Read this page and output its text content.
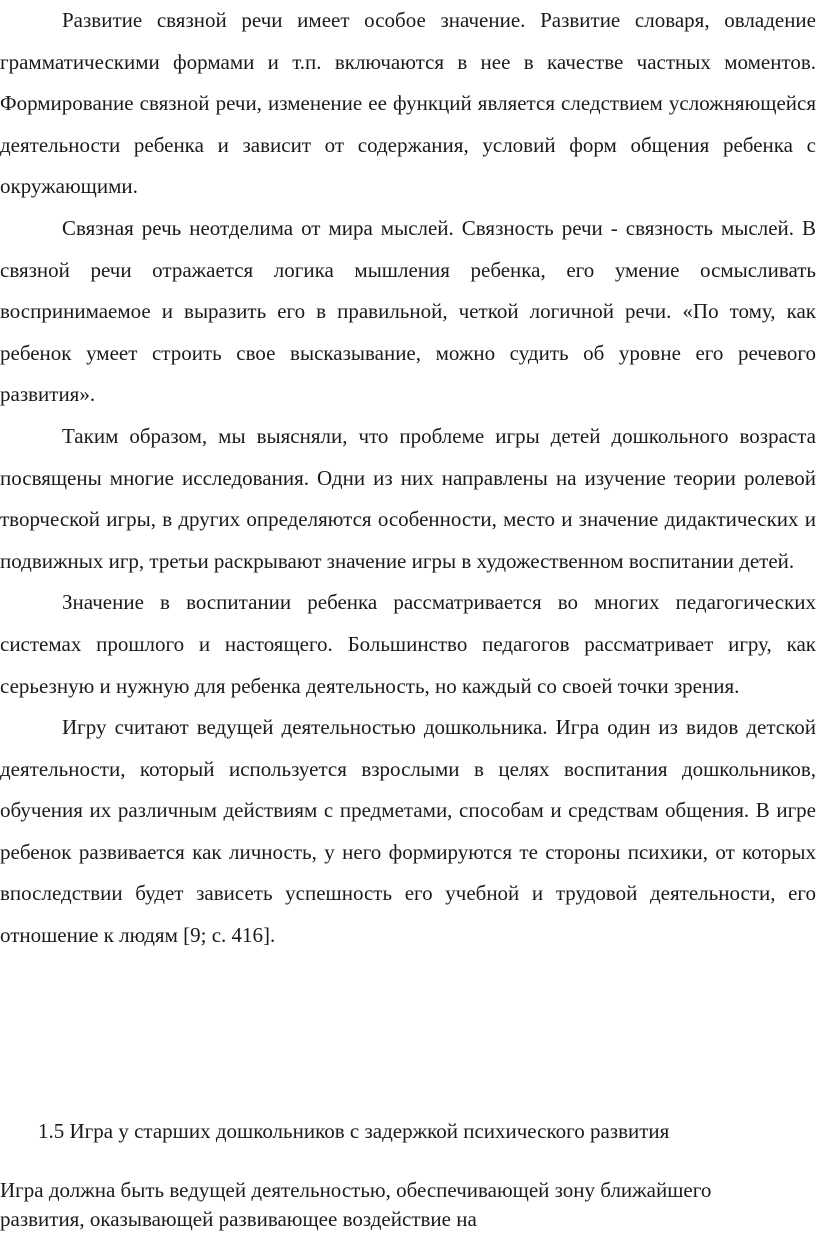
Развитие связной речи имеет особое значение. Развитие словаря, овладение грамматическими формами и т.п. включаются в нее в качестве частных моментов. Формирование связной речи, изменение ее функций является следствием усложняющейся деятельности ребенка и зависит от содержания, условий форм общения ребенка с окружающими.

Связная речь неотделима от мира мыслей. Связность речи - связность мыслей. В связной речи отражается логика мышления ребенка, его умение осмысливать воспринимаемое и выразить его в правильной, четкой логичной речи. «По тому, как ребенок умеет строить свое высказывание, можно судить об уровне его речевого развития».

Таким образом, мы выясняли, что проблеме игры детей дошкольного возраста посвящены многие исследования. Одни из них направлены на изучение теории ролевой творческой игры, в других определяются особенности, место и значение дидактических и подвижных игр, третьи раскрывают значение игры в художественном воспитании детей.

Значение в воспитании ребенка рассматривается во многих педагогических системах прошлого и настоящего. Большинство педагогов рассматривает игру, как серьезную и нужную для ребенка деятельность, но каждый со своей точки зрения.

Игру считают ведущей деятельностью дошкольника. Игра один из видов детской деятельности, который используется взрослыми в целях воспитания дошкольников, обучения их различным действиям с предметами, способам и средствам общения. В игре ребенок развивается как личность, у него формируются те стороны психики, от которых впоследствии будет зависеть успешность его учебной и трудовой деятельности, его отношение к людям [9; с. 416].

1.5 Игра у старших дошкольников с задержкой психического развития

Игра должна быть ведущей деятельностью, обеспечивающей зону ближайшего развития, оказывающей развивающее воздействие на
